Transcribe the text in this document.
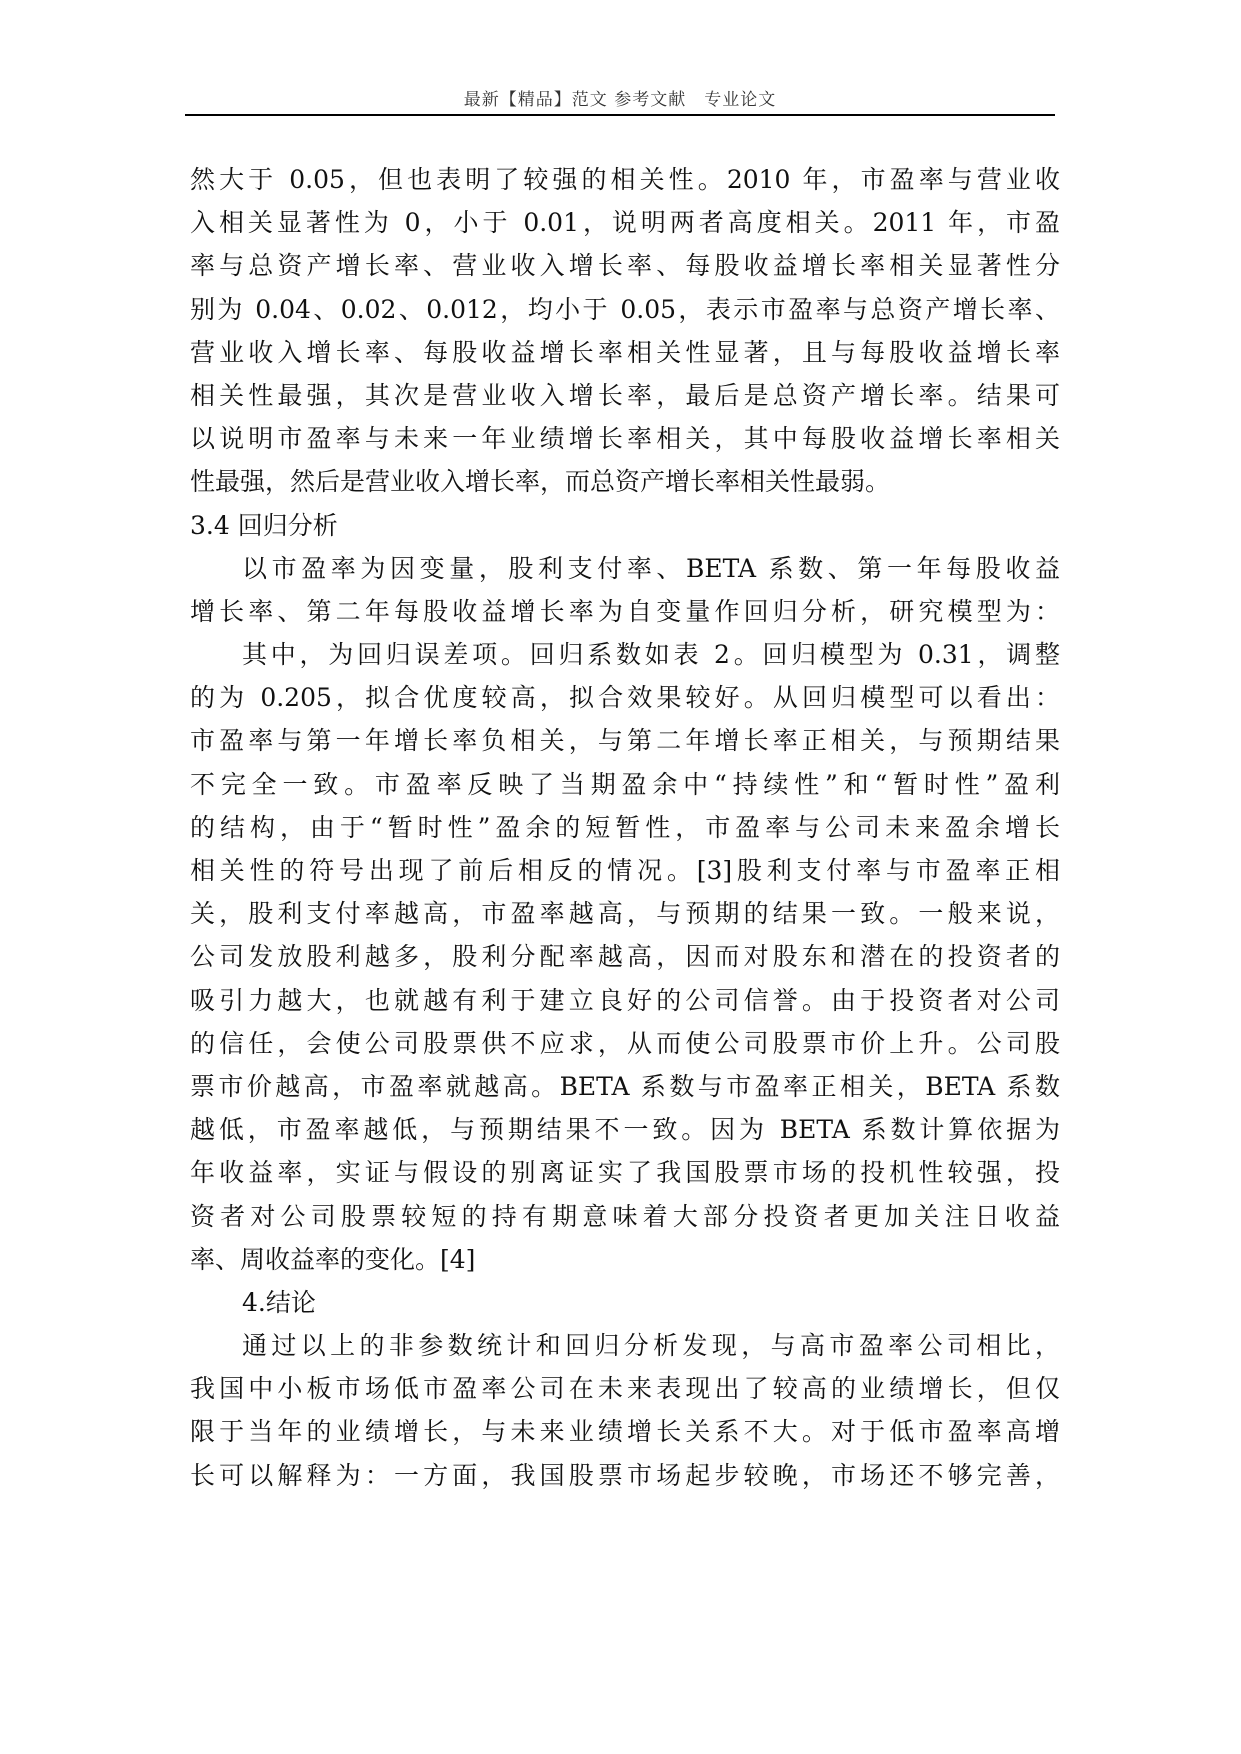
最新【精品】范文 参考文献　专业论文
然大于 0.05，但也表明了较强的相关性。2010 年，市盈率与营业收
入相关显著性为 0，小于 0.01，说明两者高度相关。2011 年，市盈
率与总资产增长率、营业收入增长率、每股收益增长率相关显著性分
别为 0.04、0.02、0.012，均小于 0.05，表示市盈率与总资产增长率、
营业收入增长率、每股收益增长率相关性显著，且与每股收益增长率
相关性最强，其次是营业收入增长率，最后是总资产增长率。结果可
以说明市盈率与未来一年业绩增长率相关，其中每股收益增长率相关
性最强，然后是营业收入增长率，而总资产增长率相关性最弱。
3.4 回归分析
以市盈率为因变量，股利支付率、BETA 系数、第一年每股收益
增长率、第二年每股收益增长率为自变量作回归分析，研究模型为：
其中，为回归误差项。回归系数如表 2。回归模型为 0.31，调整
的为 0.205，拟合优度较高，拟合效果较好。从回归模型可以看出：
市盈率与第一年增长率负相关，与第二年增长率正相关，与预期结果
不完全一致。市盈率反映了当期盈余中“持续性”和“暂时性”盈利
的结构，由于“暂时性”盈余的短暂性，市盈率与公司未来盈余增长
相关性的符号出现了前后相反的情况。[3]股利支付率与市盈率正相
关，股利支付率越高，市盈率越高，与预期的结果一致。一般来说，
公司发放股利越多，股利分配率越高，因而对股东和潜在的投资者的
吸引力越大，也就越有利于建立良好的公司信誉。由于投资者对公司
的信任，会使公司股票供不应求，从而使公司股票市价上升。公司股
票市价越高，市盈率就越高。BETA 系数与市盈率正相关，BETA 系数
越低，市盈率越低，与预期结果不一致。因为 BETA 系数计算依据为
年收益率，实证与假设的别离证实了我国股票市场的投机性较强，投
资者对公司股票较短的持有期意味着大部分投资者更加关注日收益
率、周收益率的变化。[4]
4.结论
通过以上的非参数统计和回归分析发现，与高市盈率公司相比，
我国中小板市场低市盈率公司在未来表现出了较高的业绩增长，但仅
限于当年的业绩增长，与未来业绩增长关系不大。对于低市盈率高增
长可以解释为：一方面，我国股票市场起步较晚，市场还不够完善，
